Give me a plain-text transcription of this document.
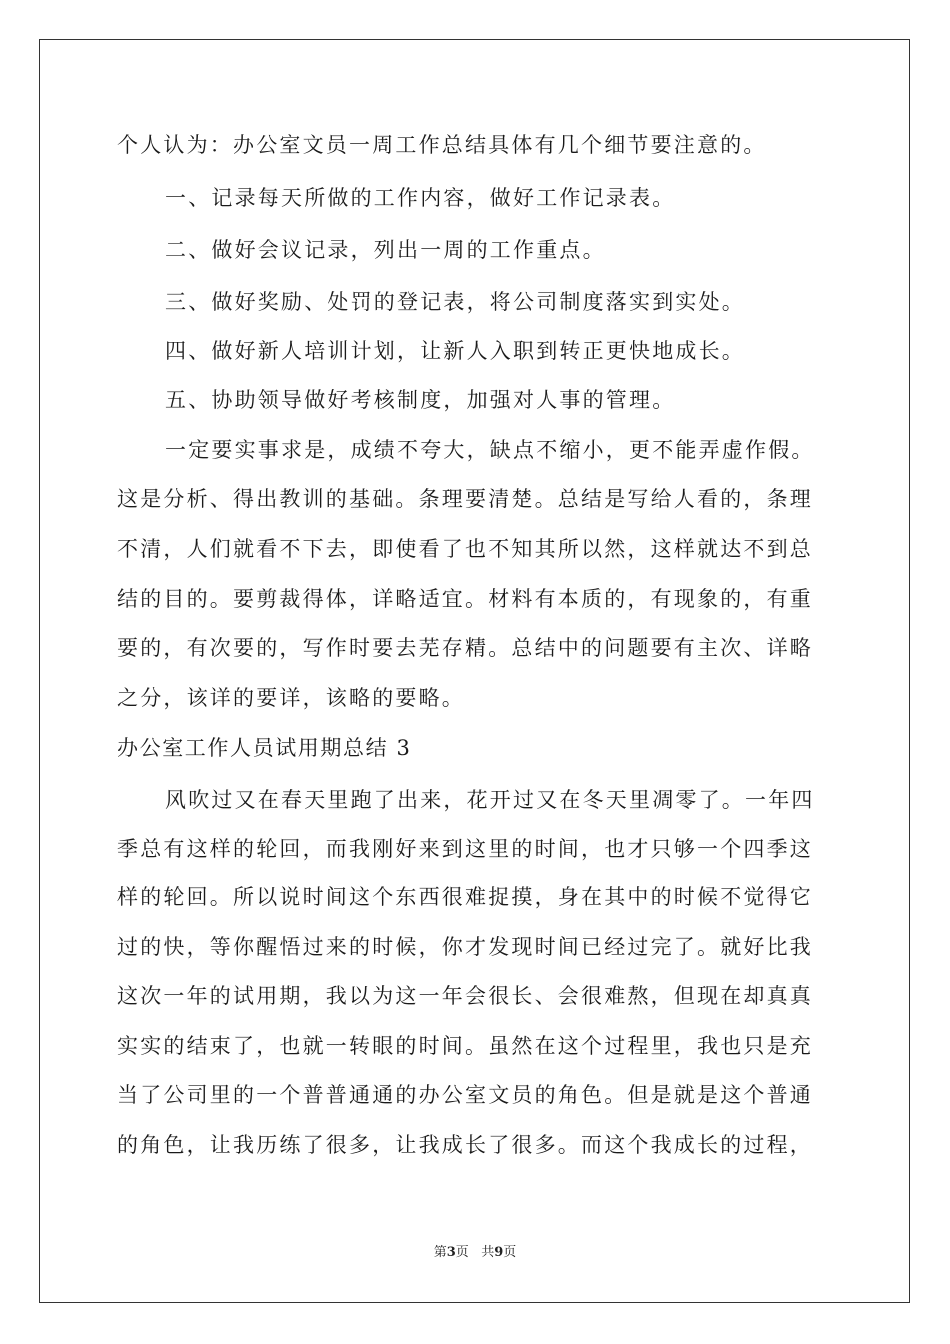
个人认为：办公室文员一周工作总结具体有几个细节要注意的。
一、记录每天所做的工作内容，做好工作记录表。
二、做好会议记录，列出一周的工作重点。
三、做好奖励、处罚的登记表，将公司制度落实到实处。
四、做好新人培训计划，让新人入职到转正更快地成长。
五、协助领导做好考核制度，加强对人事的管理。
一定要实事求是，成绩不夸大，缺点不缩小，更不能弄虚作假。
这是分析、得出教训的基础。条理要清楚。总结是写给人看的，条理
不清，人们就看不下去，即使看了也不知其所以然，这样就达不到总
结的目的。要剪裁得体，详略适宜。材料有本质的，有现象的，有重
要的，有次要的，写作时要去芜存精。总结中的问题要有主次、详略
之分，该详的要详，该略的要略。
办公室工作人员试用期总结 3
风吹过又在春天里跑了出来，花开过又在冬天里凋零了。一年四
季总有这样的轮回，而我刚好来到这里的时间，也才只够一个四季这
样的轮回。所以说时间这个东西很难捉摸，身在其中的时候不觉得它
过的快，等你醒悟过来的时候，你才发现时间已经过完了。就好比我
这次一年的试用期，我以为这一年会很长、会很难熬，但现在却真真
实实的结束了，也就一转眼的时间。虽然在这个过程里，我也只是充
当了公司里的一个普普通通的办公室文员的角色。但是就是这个普通
的角色，让我历练了很多，让我成长了很多。而这个我成长的过程，
第3页 共9页
